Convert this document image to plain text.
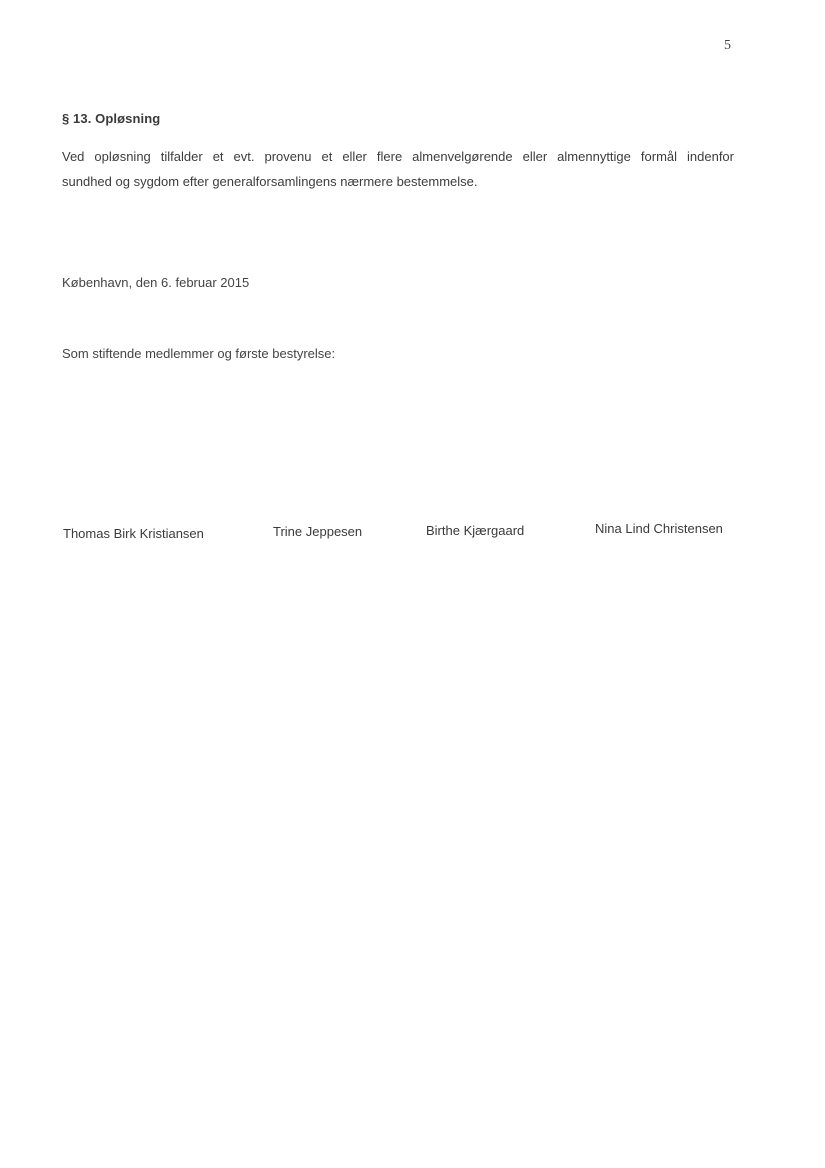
5
§ 13. Opløsning
Ved opløsning tilfalder et evt. provenu et eller flere almenvelgørende eller almennyttige formål indenfor
sundhed og sygdom efter generalforsamlingens nærmere bestemmelse.
København, den 6. februar 2015
Som stiftende medlemmer og første bestyrelse:
Thomas Birk Kristiansen	Trine Jeppesen	Birthe Kjærgaard	Nina Lind Christensen
